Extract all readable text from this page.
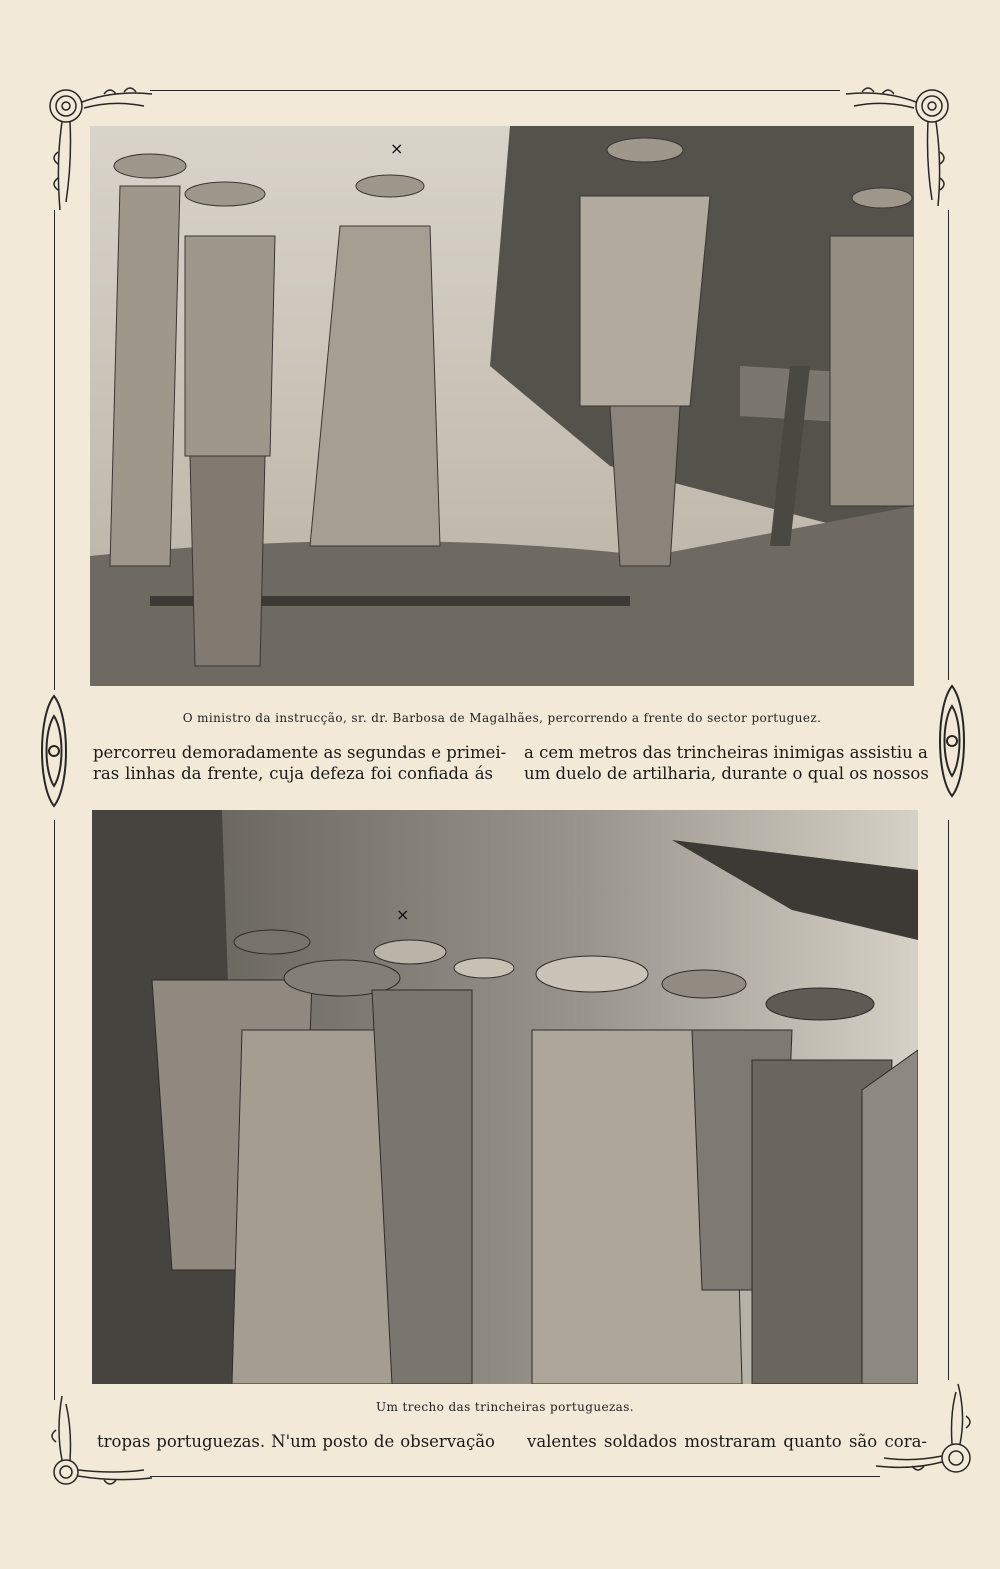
×
O ministro da instrucção, sr. dr. Barbosa de Magalhães, percorrendo a frente do sector portuguez.
percorreu demoradamente as segundas e primei-
ras linhas da frente, cuja defeza foi confiada ás
a cem metros das trincheiras inimigas assistiu a
um duelo de artilharia, durante o qual os nossos
×
Um trecho das trincheiras portuguezas.
tropas portuguezas. N'um posto de observação valentes soldados mostraram quanto são cora-
